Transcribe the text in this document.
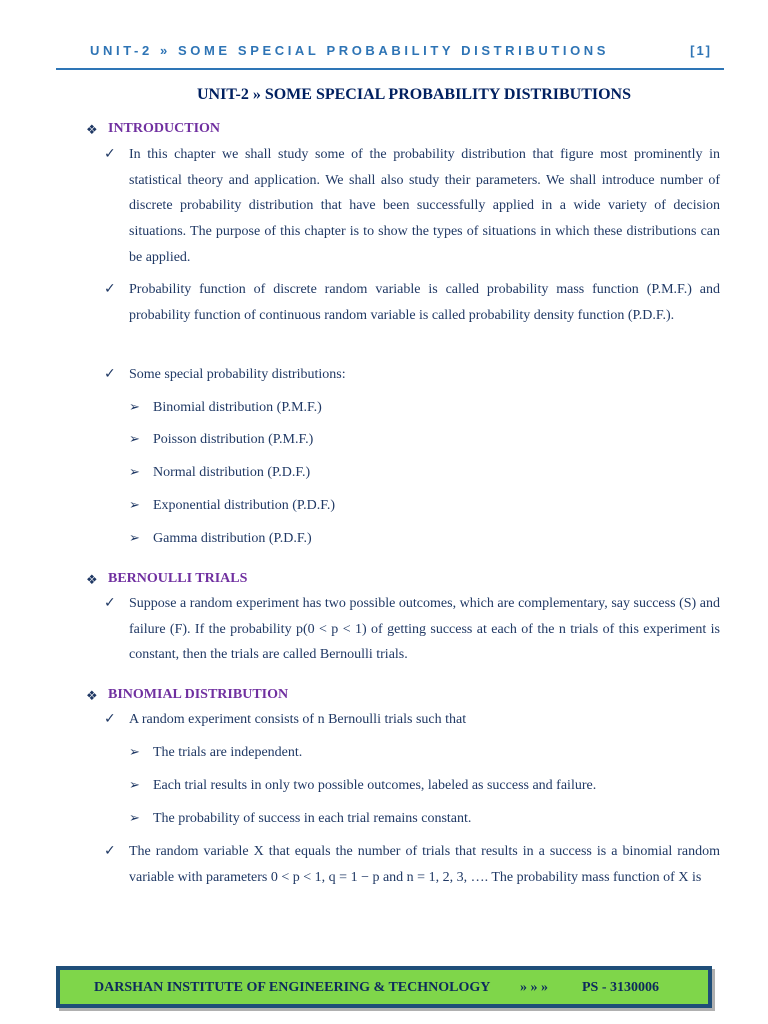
UNIT-2 » SOME SPECIAL PROBABILITY DISTRIBUTIONS	[1]
UNIT-2 » SOME SPECIAL PROBABILITY DISTRIBUTIONS
❖ INTRODUCTION
✓ In this chapter we shall study some of the probability distribution that figure most prominently in statistical theory and application. We shall also study their parameters. We shall introduce number of discrete probability distribution that have been successfully applied in a wide variety of decision situations. The purpose of this chapter is to show the types of situations in which these distributions can be applied.
✓ Probability function of discrete random variable is called probability mass function (P.M.F.) and probability function of continuous random variable is called probability density function (P.D.F.).
✓ Some special probability distributions:
➢ Binomial distribution (P.M.F.)
➢ Poisson distribution (P.M.F.)
➢ Normal distribution (P.D.F.)
➢ Exponential distribution (P.D.F.)
➢ Gamma distribution (P.D.F.)
❖ BERNOULLI TRIALS
✓ Suppose a random experiment has two possible outcomes, which are complementary, say success (S) and failure (F). If the probability p(0 < p < 1) of getting success at each of the n trials of this experiment is constant, then the trials are called Bernoulli trials.
❖ BINOMIAL DISTRIBUTION
✓ A random experiment consists of n Bernoulli trials such that
➢ The trials are independent.
➢ Each trial results in only two possible outcomes, labeled as success and failure.
➢ The probability of success in each trial remains constant.
✓ The random variable X that equals the number of trials that results in a success is a binomial random variable with parameters 0 < p < 1, q = 1 − p and n = 1, 2, 3, …. The probability mass function of X is
DARSHAN INSTITUTE OF ENGINEERING & TECHNOLOGY » » » PS - 3130006
